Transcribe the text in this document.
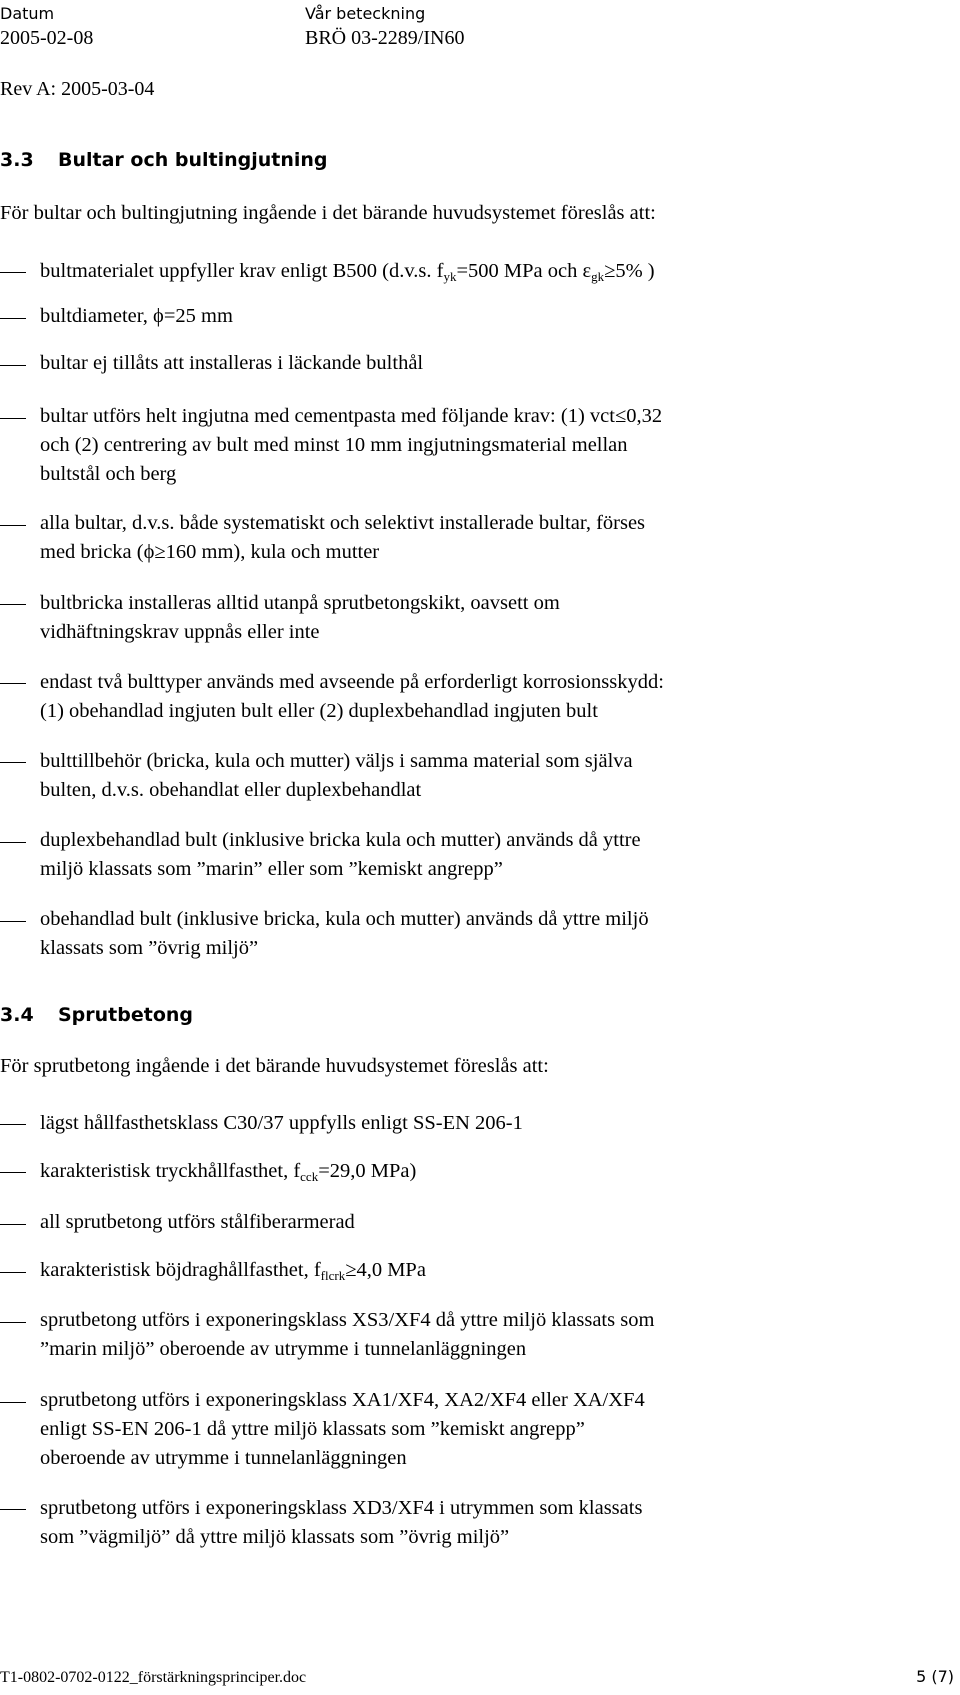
Datum	Vår beteckning
2005-02-08	BRÖ 03-2289/IN60
Rev A: 2005-03-04
3.3 Bultar och bultingjutning
För bultar och bultingjutning ingående i det bärande huvudsystemet föreslås att:
bultmaterialet uppfyller krav enligt B500 (d.v.s. $f_{yk}=500$ MPa och $\varepsilon_{gk}\ge 5\%$ )
bultdiameter, ϕ=25 mm
bultar ej tillåts att installeras i läckande bulthål
bultar utförs helt ingjutna med cementpasta med följande krav: (1) vct≤0,32
och (2) centrering av bult med minst 10 mm ingjutningsmaterial mellan
bultstål och berg
alla bultar, d.v.s. både systematiskt och selektivt installerade bultar, förses
med bricka (ϕ≥160 mm), kula och mutter
bultbricka installeras alltid utanpå sprutbetongskikt, oavsett om
vidhäftningskrav uppnås eller inte
endast två bulttyper används med avseende på erforderligt korrosionsskydd:
(1) obehandlad ingjuten bult eller (2) duplexbehandlad ingjuten bult
bulttillbehör (bricka, kula och mutter) väljs i samma material som själva
bulten, d.v.s. obehandlat eller duplexbehandlat
duplexbehandlad bult (inklusive bricka kula och mutter) används då yttre
miljö klassats som ”marin” eller som ”kemiskt angrepp”
obehandlad bult (inklusive bricka, kula och mutter) används då yttre miljö
klassats som ”övrig miljö”
3.4 Sprutbetong
För sprutbetong ingående i det bärande huvudsystemet föreslås att:
lägst hållfasthetsklass C30/37 uppfylls enligt SS-EN 206-1
karakteristisk tryckhållfasthet, $f_{cck}=29,0$ MPa)
all sprutbetong utförs stålfiberarmerad
karakteristisk böjdraghållfasthet, $f_{flcrk}\ge 4,0$ MPa
sprutbetong utförs i exponeringsklass XS3/XF4 då yttre miljö klassats som
”marin miljö” oberoende av utrymme i tunnelanläggningen
sprutbetong utförs i exponeringsklass XA1/XF4, XA2/XF4 eller XA/XF4
enligt SS-EN 206-1 då yttre miljö klassats som ”kemiskt angrepp”
oberoende av utrymme i tunnelanläggningen
sprutbetong utförs i exponeringsklass XD3/XF4 i utrymmen som klassats
som ”vägmiljö” då yttre miljö klassats som ”övrig miljö”
T1-0802-0702-0122_förstärkningsprinciper.doc	5 (7)
